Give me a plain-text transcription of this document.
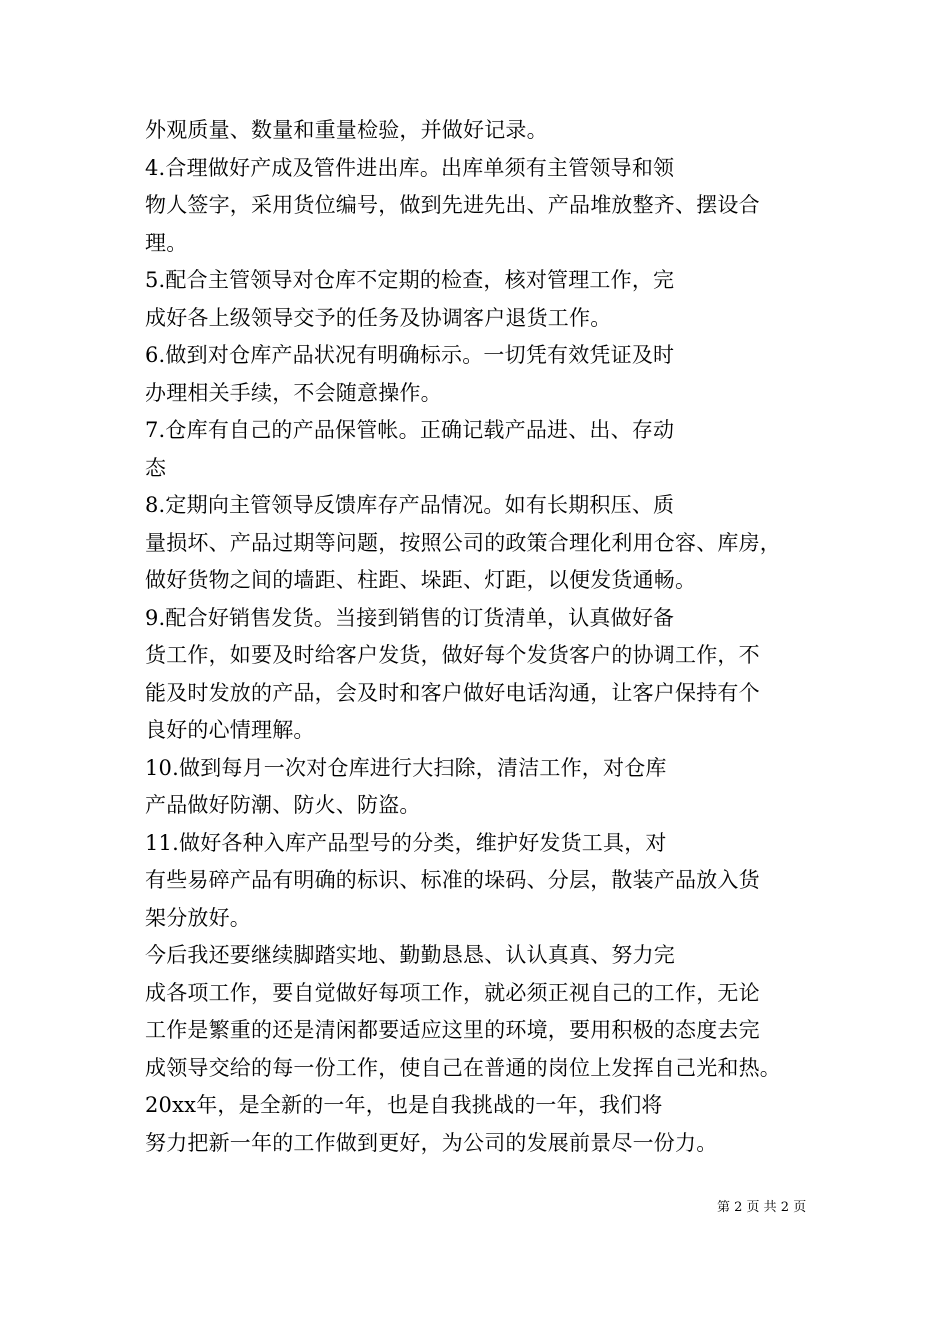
外观质量、数量和重量检验，并做好记录。

4.合理做好产成及管件进出库。出库单须有主管领导和领
物人签字，采用货位编号，做到先进先出、产品堆放整齐、摆设合
理。

5.配合主管领导对仓库不定期的检查，核对管理工作，完
成好各上级领导交予的任务及协调客户退货工作。

6.做到对仓库产品状况有明确标示。一切凭有效凭证及时
办理相关手续，不会随意操作。

7.仓库有自己的产品保管帐。正确记载产品进、出、存动
态

8.定期向主管领导反馈库存产品情况。如有长期积压、质
量损坏、产品过期等问题，按照公司的政策合理化利用仓容、库房，
做好货物之间的墙距、柱距、垛距、灯距，以便发货通畅。

9.配合好销售发货。当接到销售的订货清单，认真做好备
货工作，如要及时给客户发货，做好每个发货客户的协调工作，不
能及时发放的产品，会及时和客户做好电话沟通，让客户保持有个
良好的心情理解。

10.做到每月一次对仓库进行大扫除，清洁工作，对仓库
产品做好防潮、防火、防盗。

11.做好各种入库产品型号的分类，维护好发货工具，对
有些易碎产品有明确的标识、标准的垛码、分层，散装产品放入货
架分放好。

今后我还要继续脚踏实地、勤勤恳恳、认认真真、努力完
成各项工作，要自觉做好每项工作，就必须正视自己的工作，无论
工作是繁重的还是清闲都要适应这里的环境，要用积极的态度去完
成领导交给的每一份工作，使自己在普通的岗位上发挥自己光和热。

20xx年，是全新的一年，也是自我挑战的一年，我们将
努力把新一年的工作做到更好，为公司的发展前景尽一份力。

第 2 页 共 2 页
